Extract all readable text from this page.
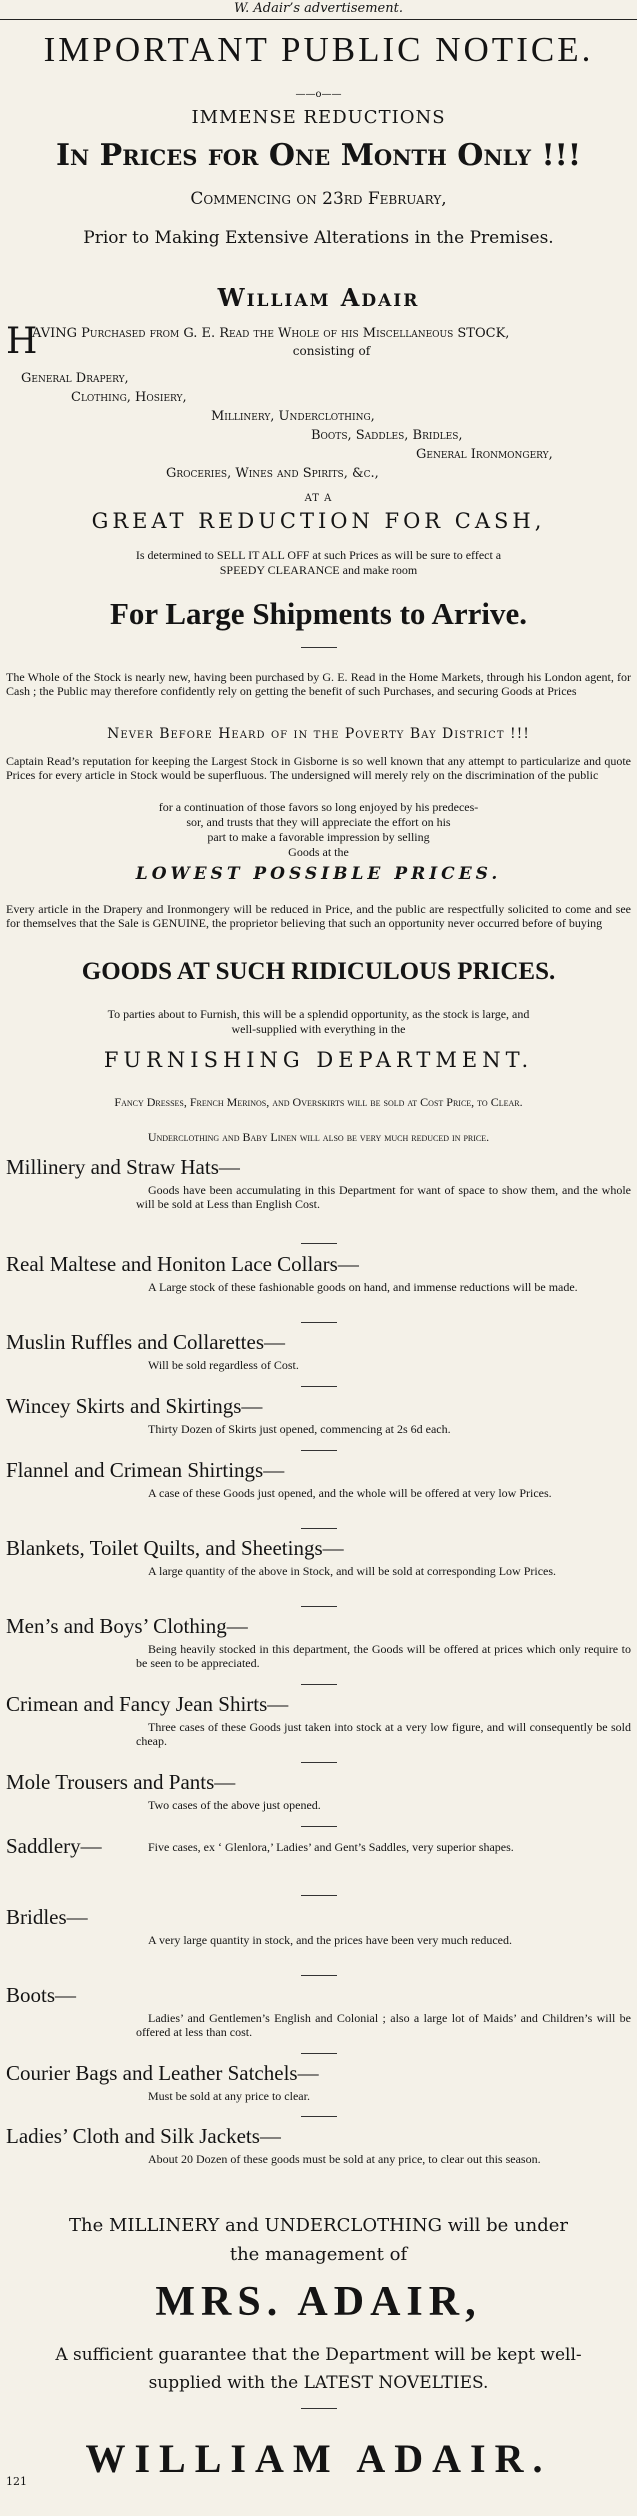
W. Adair’s advertisement.
IMPORTANT PUBLIC NOTICE.
——o——
IMMENSE REDUCTIONS
In Prices for One Month Only !!!
Commencing on 23rd February,
Prior to Making Extensive Alterations in the Premises.
William Adair
H
AVING Purchased from G. E. Read the Whole of his Miscellaneous STOCK,
consisting of
General Drapery,
Clothing, Hosiery,
Millinery, Underclothing,
Boots, Saddles, Bridles,
General Ironmongery,
Groceries, Wines and Spirits, &c.,
AT A
GREAT REDUCTION FOR CASH,
Is determined to SELL IT ALL OFF at such Prices as will be sure to effect a
SPEEDY CLEARANCE and make room
For Large Shipments to Arrive.
The Whole of the Stock is nearly new, having been purchased by G. E. Read in the Home Markets, through his London agent, for Cash ; the Public may therefore confidently rely on getting the benefit of such Purchases, and securing Goods at Prices
Never Before Heard of in the Poverty Bay District !!!
Captain Read’s reputation for keeping the Largest Stock in Gisborne is so well known that any attempt to particularize and quote Prices for every article in Stock would be superfluous. The undersigned will merely rely on the discrimination of the public
for a continuation of those favors so long enjoyed by his predeces-
sor, and trusts that they will appreciate the effort on his
part to make a favorable impression by selling
Goods at the
LOWEST POSSIBLE PRICES.
Every article in the Drapery and Ironmongery will be reduced in Price, and the public are respectfully solicited to come and see for themselves that the Sale is GENUINE, the proprietor believing that such an opportunity never occurred before of buying
GOODS AT SUCH RIDICULOUS PRICES.
To parties about to Furnish, this will be a splendid opportunity, as the stock is large, and
well-supplied with everything in the
FURNISHING DEPARTMENT.
Fancy Dresses, French Merinos, and Overskirts will be sold at Cost Price, to Clear.
Underclothing and Baby Linen will also be very much reduced in price.
Millinery and Straw Hats—
Goods have been accumulating in this Department for want of space to show them, and the whole will be sold at Less than English Cost.
Real Maltese and Honiton Lace Collars—
A Large stock of these fashionable goods on hand, and immense reductions will be made.
Muslin Ruffles and Collarettes—
Will be sold regardless of Cost.
Wincey Skirts and Skirtings—
Thirty Dozen of Skirts just opened, commencing at 2s 6d each.
Flannel and Crimean Shirtings—
A case of these Goods just opened, and the whole will be offered at very low Prices.
Blankets, Toilet Quilts, and Sheetings—
A large quantity of the above in Stock, and will be sold at corresponding Low Prices.
Men’s and Boys’ Clothing—
Being heavily stocked in this department, the Goods will be offered at prices which only require to be seen to be appreciated.
Crimean and Fancy Jean Shirts—
Three cases of these Goods just taken into stock at a very low figure, and will consequently be sold cheap.
Mole Trousers and Pants—
Two cases of the above just opened.
Saddlery—	Five cases, ex ‘ Glenlora,’ Ladies’ and Gent’s Saddles, very superior shapes.
Bridles—
A very large quantity in stock, and the prices have been very much reduced.
Boots—
Ladies’ and Gentlemen’s English and Colonial ; also a large lot of Maids’ and Children’s will be offered at less than cost.
Courier Bags and Leather Satchels—
Must be sold at any price to clear.
Ladies’ Cloth and Silk Jackets—
About 20 Dozen of these goods must be sold at any price, to clear out this season.
The MILLINERY and UNDERCLOTHING will be under
the management of
MRS. ADAIR,
A sufficient guarantee that the Department will be kept well-
supplied with the LATEST NOVELTIES.
121
WILLIAM ADAIR.
